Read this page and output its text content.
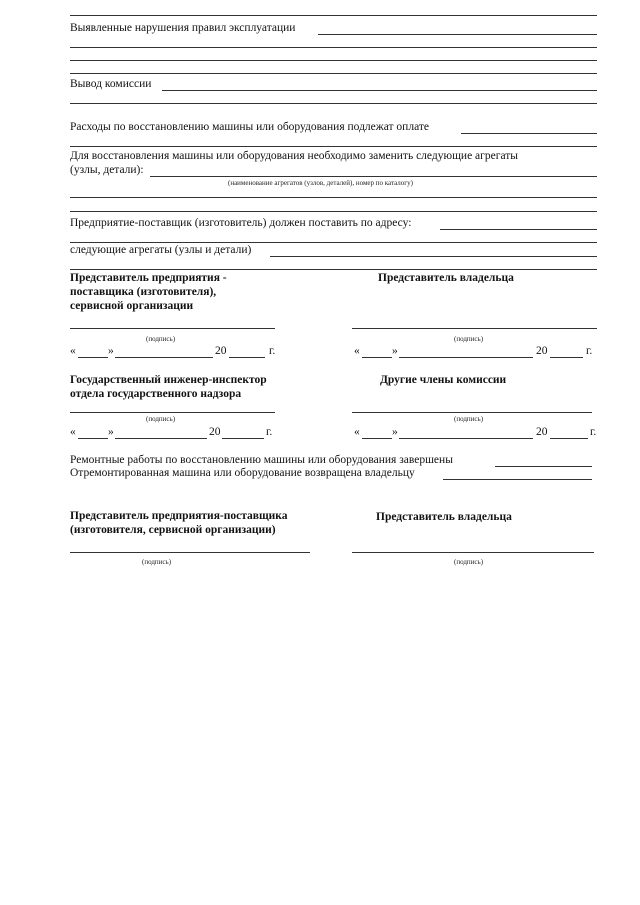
Выявленные нарушения правил эксплуатации
Вывод комиссии
Расходы по восстановлению машины или оборудования подлежат оплате
Для восстановления машины или оборудования необходимо заменить следующие агрегаты
(узлы, детали):
(наименование агрегатов (узлов, деталей), номер по каталогу)
Предприятие-поставщик (изготовитель) должен поставить по адресу:
следующие агрегаты (узлы и детали)
Представитель предприятия -
поставщика (изготовителя),
сервисной организации
Представитель владельца
(подпись)	(подпись)
«	»	20	г.	«	»	20	г.
Государственный инженер-инспектор
отдела государственного надзора
Другие члены комиссии
(подпись)	(подпись)
«	»	20	г.	«	»	20	г.
Ремонтные работы по восстановлению машины или оборудования завершены
Отремонтированная машина или оборудование возвращена владельцу
Представитель предприятия-поставщика
(изготовителя, сервисной организации)
Представитель владельца
(подпись)	(подпись)
